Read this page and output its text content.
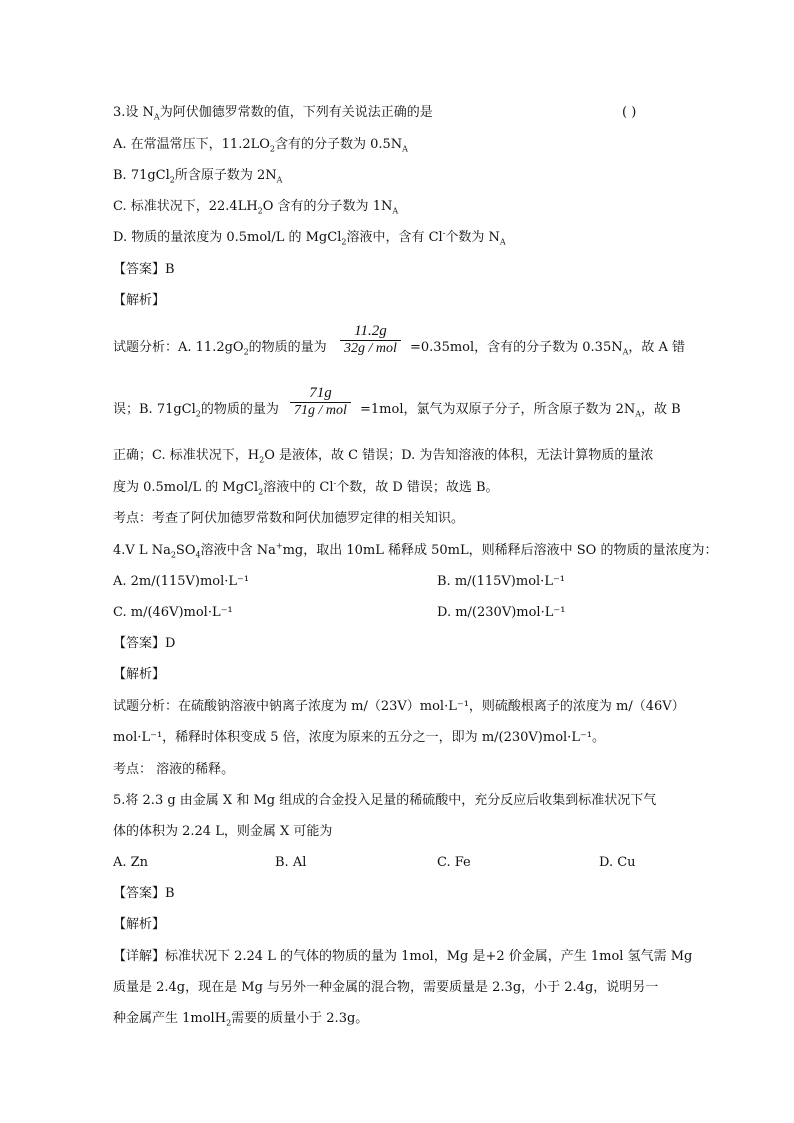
3.设 $N_A$为阿伏伽德罗常数的值，下列有关说法正确的是	( )
A. 在常温常压下，$11.2LO_2$含有的分子数为 $0.5N_A$
B. 71gCl$_2$所含原子数为 $2N_A$
C. 标准状况下，$22.4LH_2O$ 含有的分子数为 $1N_A$
D. 物质的量浓度为 0.5mol/L 的 MgCl$_2$溶液中，含有 Cl-个数为 $N_A$
【答案】B
【解析】
试题分析：A. $11.2gO_2$的物质的量为
11.2g
32g / mol	=0.35mol，含有的分子数为 $0.35N_A$，故 A 错
误；B. 71gCl$_2$的物质的量为
71g
71g / mol	=1mol，氯气为双原子分子，所含原子数为 $2N_A$，故 B
正确；C. 标准状况下，$H_2O$ 是液体，故 C 错误；D. 为告知溶液的体积，无法计算物质的量浓
度为 0.5mol/L 的 MgCl$_2$溶液中的 Cl-个数，故 D 错误；故选 B。
考点：考查了阿伏加德罗常数和阿伏加德罗定律的相关知识。
4.V L $Na_2SO_4$溶液中含 Na+mg，取出 10mL 稀释成 50mL，则稀释后溶液中 SO 的物质的量浓度为：
A. 2m/(115V)mol·L⁻¹	B. m/(115V)mol·L⁻¹
C. m/(46V)mol·L⁻¹	D. m/(230V)mol·L⁻¹
【答案】D
【解析】
试题分析：在硫酸钠溶液中钠离子浓度为 m/（23V）mol·L⁻¹，则硫酸根离子的浓度为 m/（46V）
mol·L⁻¹，稀释时体积变成 5 倍，浓度为原来的五分之一，即为 m/(230V)mol·L⁻¹。
考点： 溶液的稀释。
5.将 2.3 g 由金属 X 和 Mg 组成的合金投入足量的稀硫酸中，充分反应后收集到标准状况下气
体的体积为 2.24 L，则金属 X 可能为
A. Zn	B. Al	C. Fe	D. Cu
【答案】B
【解析】
【详解】标准状况下 2.24 L 的气体的物质的量为 1mol，Mg 是+2 价金属，产生 1mol 氢气需 Mg
质量是 2.4g，现在是 Mg 与另外一种金属的混合物，需要质量是 2.3g，小于 2.4g，说明另一
种金属产生 1molH$_2$需要的质量小于 2.3g。
